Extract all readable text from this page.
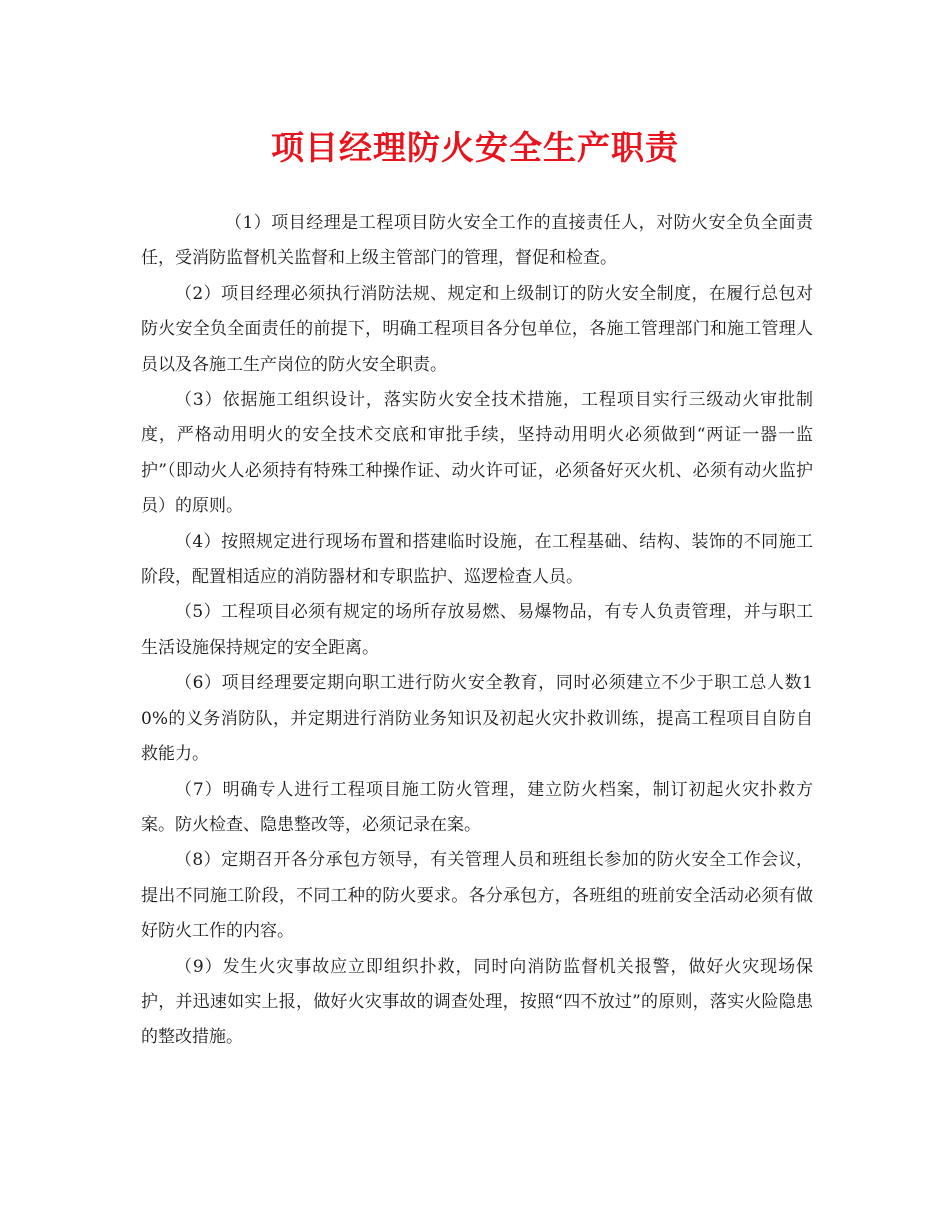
项目经理防火安全生产职责

（1）项目经理是工程项目防火安全工作的直接责任人，对防火安全负全面责任，受消防监督机关监督和上级主管部门的管理，督促和检查。

（2）项目经理必须执行消防法规、规定和上级制订的防火安全制度，在履行总包对防火安全负全面责任的前提下，明确工程项目各分包单位，各施工管理部门和施工管理人员以及各施工生产岗位的防火安全职责。

（3）依据施工组织设计，落实防火安全技术措施，工程项目实行三级动火审批制度，严格动用明火的安全技术交底和审批手续，坚持动用明火必须做到“两证一器一监护”（即动火人必须持有特殊工种操作证、动火许可证，必须备好灭火机、必须有动火监护员）的原则。

（4）按照规定进行现场布置和搭建临时设施，在工程基础、结构、装饰的不同施工阶段，配置相适应的消防器材和专职监护、巡逻检查人员。

（5）工程项目必须有规定的场所存放易燃、易爆物品，有专人负责管理，并与职工生活设施保持规定的安全距离。

（6）项目经理要定期向职工进行防火安全教育，同时必须建立不少于职工总人数10%的义务消防队，并定期进行消防业务知识及初起火灾扑救训练，提高工程项目自防自救能力。

（7）明确专人进行工程项目施工防火管理，建立防火档案，制订初起火灾扑救方案。防火检查、隐患整改等，必须记录在案。

（8）定期召开各分承包方领导，有关管理人员和班组长参加的防火安全工作会议，提出不同施工阶段，不同工种的防火要求。各分承包方，各班组的班前安全活动必须有做好防火工作的内容。

（9）发生火灾事故应立即组织扑救，同时向消防监督机关报警，做好火灾现场保护，并迅速如实上报，做好火灾事故的调查处理，按照“四不放过”的原则，落实火险隐患的整改措施。
